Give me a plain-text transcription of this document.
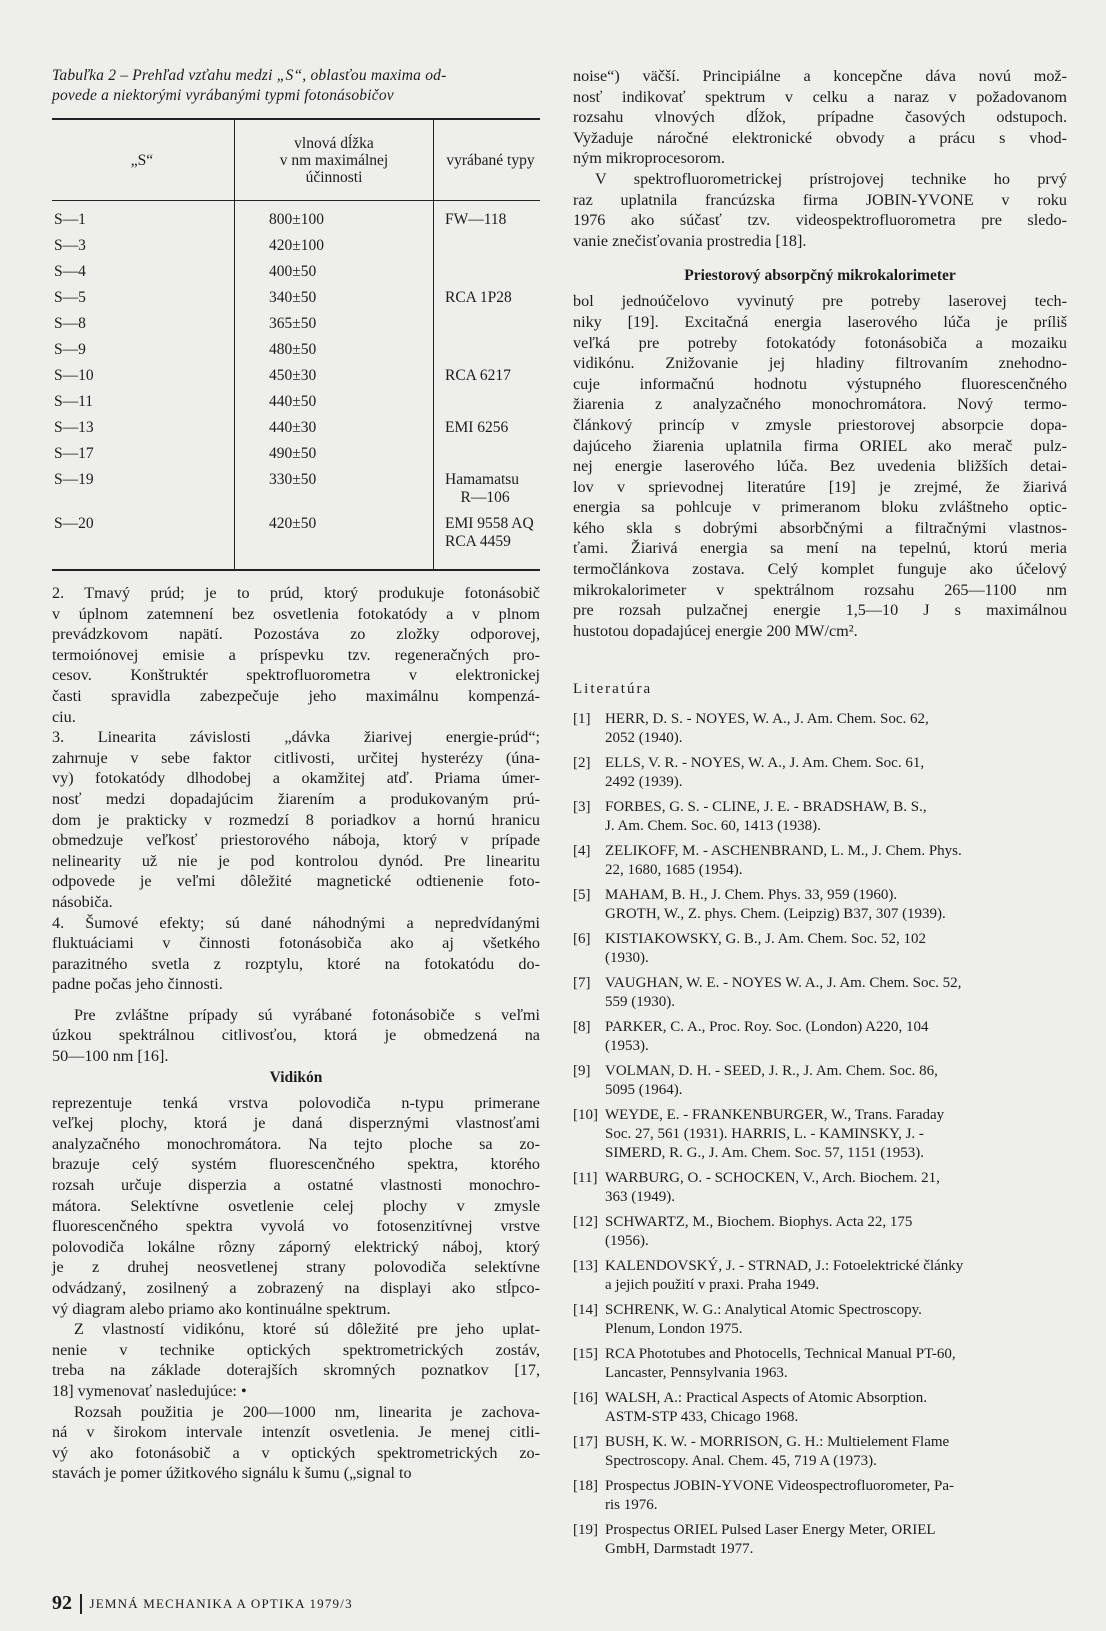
Tabuľka 2 – Prehľad vzťahu medzi „S“, oblasťou maxima od-
povede a niektorými vyrábanými typmi fotonásobičov
„S“	vlnová dĺžka
v nm maximálnej
účinnosti	vyrábané typy
S—1	800±100	FW—118
S—3	420±100	
S—4	400±50	
S—5	340±50	RCA 1P28
S—8	365±50	
S—9	480±50	
S—10	450±30	RCA 6217
S—11	440±50	
S—13	440±30	EMI 6256
S—17	490±50	
S—19	330±50	Hamamatsu
R—106
S—20	420±50	EMI 9558 AQ
RCA 4459
2. Tmavý prúd; je to prúd, ktorý produkuje fotonásobič
v úplnom zatemnení bez osvetlenia fotokatódy a v plnom
prevádzkovom napätí. Pozostáva zo zložky odporovej,
termoiónovej emisie a príspevku tzv. regeneračných pro-
cesov. Konštruktér spektrofluorometra v elektronickej
časti spravidla zabezpečuje jeho maximálnu kompenzá-
ciu.
3. Linearita závislosti „dávka žiarivej energie-prúd“;
zahrnuje v sebe faktor citlivosti, určitej hysterézy (úna-
vy) fotokatódy dlhodobej a okamžitej atď. Priama úmer-
nosť medzi dopadajúcim žiarením a produkovaným prú-
dom je prakticky v rozmedzí 8 poriadkov a hornú hranicu
obmedzuje veľkosť priestorového náboja, ktorý v prípade
nelinearity už nie je pod kontrolou dynód. Pre linearitu
odpovede je veľmi dôležité magnetické odtienenie foto-
násobiča.
4. Šumové efekty; sú dané náhodnými a nepredvídanými
fluktuáciami v činnosti fotonásobiča ako aj všetkého
parazitného svetla z rozptylu, ktoré na fotokatódu do-
padne počas jeho činnosti.
Pre zvláštne prípady sú vyrábané fotonásobiče s veľmi
úzkou spektrálnou citlivosťou, ktorá je obmedzená na
50—100 nm [16].
Vidikón
reprezentuje tenká vrstva polovodiča n-typu primerane
veľkej plochy, ktorá je daná disperznými vlastnosťami
analyzačného monochromátora. Na tejto ploche sa zo-
brazuje celý systém fluorescenčného spektra, ktorého
rozsah určuje disperzia a ostatné vlastnosti monochro-
mátora. Selektívne osvetlenie celej plochy v zmysle
fluorescenčného spektra vyvolá vo fotosenzitívnej vrstve
polovodiča lokálne rôzny záporný elektrický náboj, ktorý
je z druhej neosvetlenej strany polovodiča selektívne
odvádzaný, zosilnený a zobrazený na displayi ako stĺpco-
vý diagram alebo priamo ako kontinuálne spektrum.
Z vlastností vidikónu, ktoré sú dôležité pre jeho uplat-
nenie v technike optických spektrometrických zostáv,
treba na základe doterajších skromných poznatkov [17,
18] vymenovať nasledujúce: •
Rozsah použitia je 200—1000 nm, linearita je zachova-
ná v širokom intervale intenzít osvetlenia. Je menej citli-
vý ako fotonásobič a v optických spektrometrických zo-
stavách je pomer úžitkového signálu k šumu („signal to
noise“) väčší. Principiálne a koncepčne dáva novú mož-
nosť indikovať spektrum v celku a naraz v požadovanom
rozsahu vlnových dĺžok, prípadne časových odstupoch.
Vyžaduje náročné elektronické obvody a prácu s vhod-
ným mikroprocesorom.
V spektrofluorometrickej prístrojovej technike ho prvý
raz uplatnila francúzska firma JOBIN-YVONE v roku
1976 ako súčasť tzv. videospektrofluorometra pre sledo-
vanie znečisťovania prostredia [18].
Priestorový absorpčný mikrokalorimeter
bol jednoúčelovo vyvinutý pre potreby laserovej tech-
niky [19]. Excitačná energia laserového lúča je príliš
veľká pre potreby fotokatódy fotonásobiča a mozaiku
vidikónu. Znižovanie jej hladiny filtrovaním znehodno-
cuje informačnú hodnotu výstupného fluorescenčného
žiarenia z analyzačného monochromátora. Nový termo-
článkový princíp v zmysle priestorovej absorpcie dopa-
dajúceho žiarenia uplatnila firma ORIEL ako merač pulz-
nej energie laserového lúča. Bez uvedenia bližších detai-
lov v sprievodnej literatúre [19] je zrejmé, že žiarivá
energia sa pohlcuje v primeranom bloku zvláštneho optic-
kého skla s dobrými absorbčnými a filtračnými vlastnos-
ťami. Žiarivá energia sa mení na tepelnú, ktorú meria
termočlánkova zostava. Celý komplet funguje ako účelový
mikrokalorimeter v spektrálnom rozsahu 265—1100 nm
pre rozsah pulzačnej energie 1,5—10 J s maximálnou
hustotou dopadajúcej energie 200 MW/cm².
Literatúra
[1] HERR, D. S. - NOYES, W. A., J. Am. Chem. Soc. 62,
2052 (1940).
[2] ELLS, V. R. - NOYES, W. A., J. Am. Chem. Soc. 61,
2492 (1939).
[3] FORBES, G. S. - CLINE, J. E. - BRADSHAW, B. S.,
J. Am. Chem. Soc. 60, 1413 (1938).
[4] ZELIKOFF, M. - ASCHENBRAND, L. M., J. Chem. Phys.
22, 1680, 1685 (1954).
[5] MAHAM, B. H., J. Chem. Phys. 33, 959 (1960).
GROTH, W., Z. phys. Chem. (Leipzig) B37, 307 (1939).
[6] KISTIAKOWSKY, G. B., J. Am. Chem. Soc. 52, 102
(1930).
[7] VAUGHAN, W. E. - NOYES W. A., J. Am. Chem. Soc. 52,
559 (1930).
[8] PARKER, C. A., Proc. Roy. Soc. (London) A220, 104
(1953).
[9] VOLMAN, D. H. - SEED, J. R., J. Am. Chem. Soc. 86,
5095 (1964).
[10] WEYDE, E. - FRANKENBURGER, W., Trans. Faraday
Soc. 27, 561 (1931). HARRIS, L. - KAMINSKY, J. -
SIMERD, R. G., J. Am. Chem. Soc. 57, 1151 (1953).
[11] WARBURG, O. - SCHOCKEN, V., Arch. Biochem. 21,
363 (1949).
[12] SCHWARTZ, M., Biochem. Biophys. Acta 22, 175
(1956).
[13] KALENDOVSKÝ, J. - STRNAD, J.: Fotoelektrické články
a jejich použití v praxi. Praha 1949.
[14] SCHRENK, W. G.: Analytical Atomic Spectroscopy.
Plenum, London 1975.
[15] RCA Phototubes and Photocells, Technical Manual PT-60,
Lancaster, Pennsylvania 1963.
[16] WALSH, A.: Practical Aspects of Atomic Absorption.
ASTM-STP 433, Chicago 1968.
[17] BUSH, K. W. - MORRISON, G. H.: Multielement Flame
Spectroscopy. Anal. Chem. 45, 719 A (1973).
[18] Prospectus JOBIN-YVONE Videospectrofluorometer, Pa-
ris 1976.
[19] Prospectus ORIEL Pulsed Laser Energy Meter, ORIEL
GmbH, Darmstadt 1977.
92 JEMNÁ MECHANIKA A OPTIKA 1979/3
